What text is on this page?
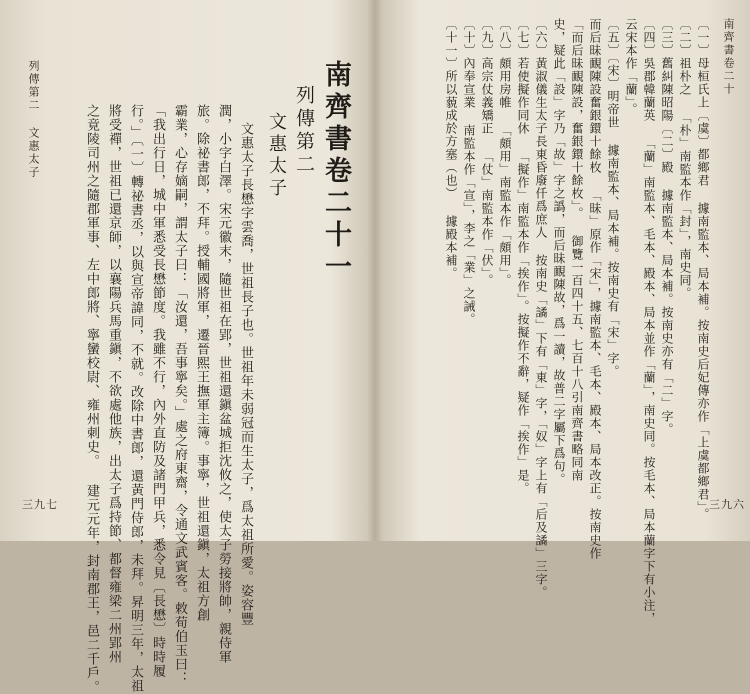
南齊書卷二十
三九六
〔一〕母桓氏上〔虞〕都鄉君 據南監本、局本補。按南史后妃傳亦作「上虞都鄉君」。
〔二〕祖朴之 「朴」南監本作「封」，南史同。
〔三〕舊糾陳昭陽〔二〕殿 據南監本、局本補。按南史亦有「二」字。
〔四〕吳郡韓蘭英 「蘭」南監本、毛本、殿本、局本並作「蘭」，南史同。按毛本、局本蘭字下有小注，
云宋本作「蘭」。
〔五〕〔宋〕明帝世 據南監本、局本補。按南史有「宋」字。
而后昧靦陳設奮銀鐶十餘枚 「昧」原作「宋」，據南監本、毛本、殿本、局本改正。按南史作
「而后昧靦陳設，奮銀鐶十餘枚」。 御覽一百四十五、七百十八引南齊書略同南
史，疑此「設」字乃「故」字之譌，而后昧靦陳故，爲一讀，故普二字屬下爲句。
〔六〕黃淑儀生太子長東昏廢仟爲庶人 按南史「譎」下有「東」字，「奴」字上有「后及譎」三字。
〔七〕若使擬作同休 「擬作」南監本作「挨作」。按擬作不辭，疑作「挨作」是。
〔八〕頗用房帷 「頗用」南監本作「頗用」。
〔九〕高宗仗義矯正 「仗」南監本作「伏」。
〔十〕內奉宣業 南監本作「宣」，李之「業」之誡。
〔十一〕所以藐成於方塞（也） 據殿本補。
南齊書卷二十一
列傳第二
文惠太子
文惠太子長懋字雲喬，世祖長子也。世祖年未弱冠而生太子，爲太祖所愛。姿容豐
潤，小字白澤。宋元徽末，隨世祖在郢，世祖還鎭盆城拒沈攸之，使太子勞接將帥，親侍軍
旅。除祕書郎，不拜。授輔國將軍，遷晉熙王撫軍主簿。事寧，世祖還鎭，太祖方創
霸業，心存嫡嗣，謂太子曰：「汝還，吾事寧矣。」處之府東齋，令通文武賓客。敕荀伯玉曰：
「我出行日，城中軍悉受長懋節度。我雖不行，內外直防及諸門甲兵，悉令見〔長懋〕時時履
行。」〔一〕轉祕書丞，以與宣帝諱同，不就。改除中書郎，還黃門侍郎，未拜。昇明三年，太祖
將受禪，世祖已還京師，以襄陽兵馬重鎭，不欲處他族，出太子爲持節、都督雍梁二州郢州
之竟陵司州之隨郡軍事、左中郎將、寧蠻校尉、雍州刺史。 建元元年，封南郡王，邑二千戶。
列傳第二 文惠太子
三九七
